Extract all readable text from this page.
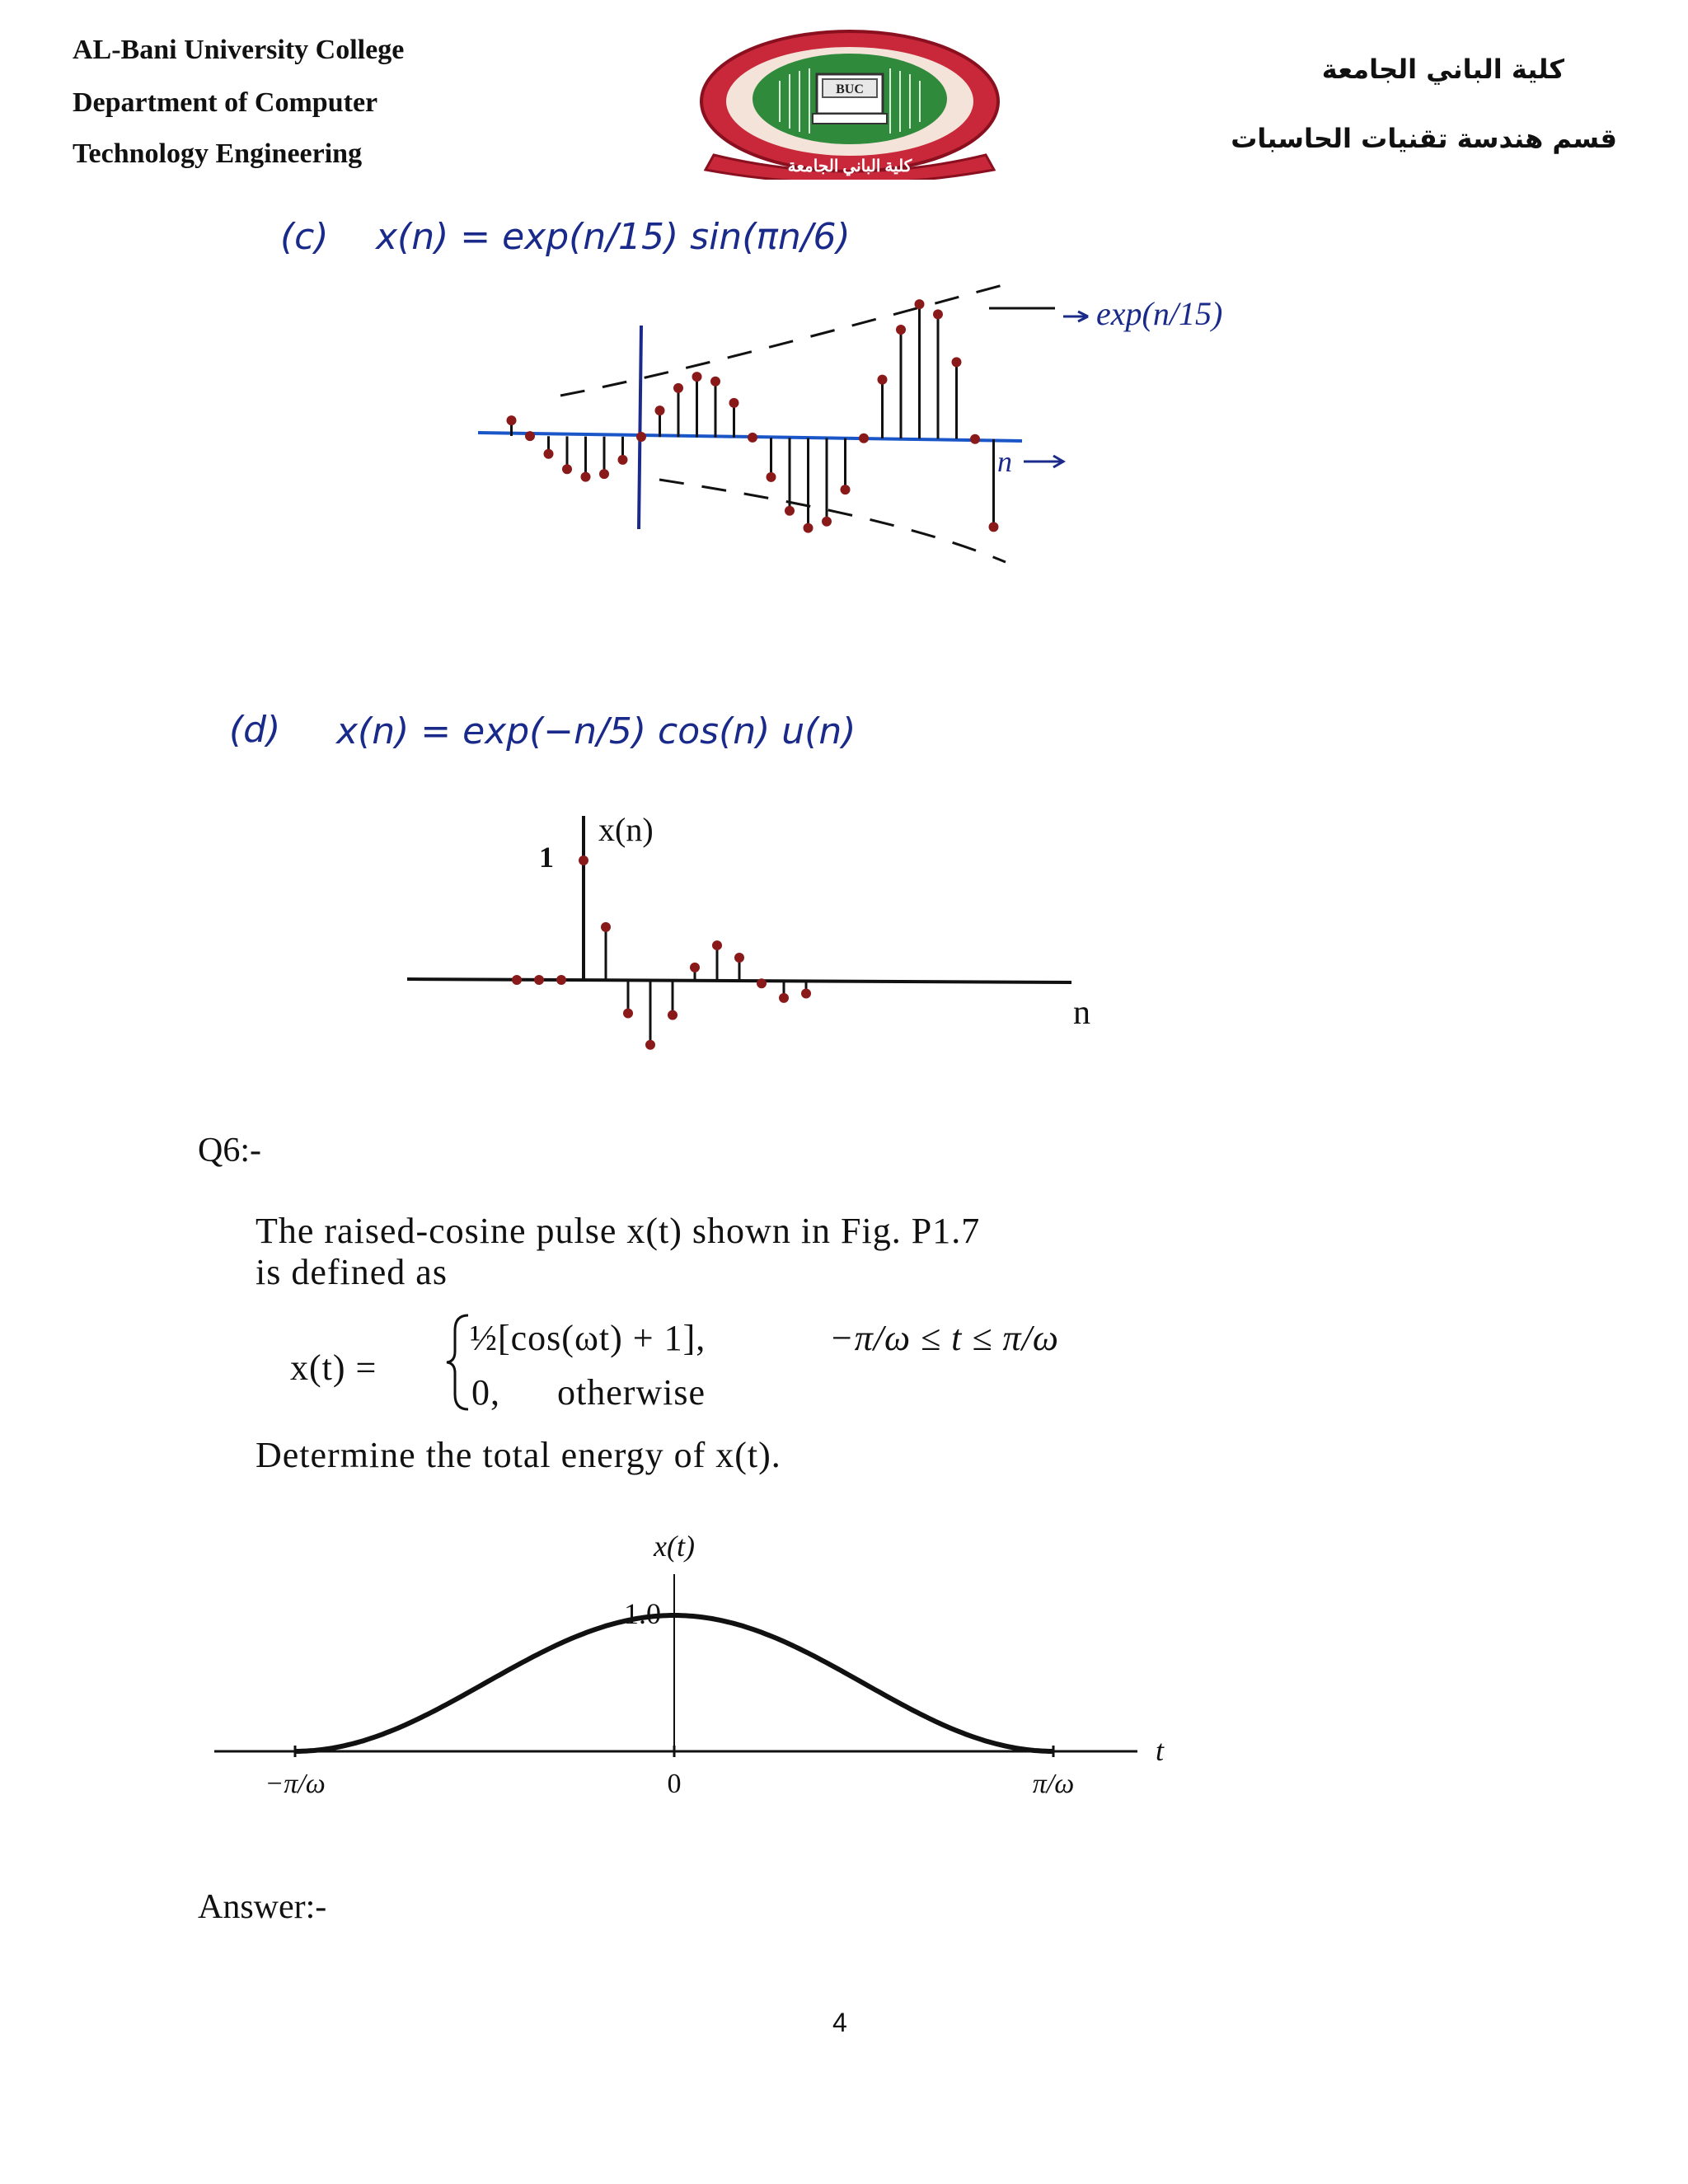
AL-Bani University College
Department of Computer
Technology Engineering
كلية الباني الجامعة
قسم هندسة تقنيات الحاسبات
BUC
كلية الباني الجامعة
(c) x(n) = exp(n/15) sin(πn/6)
exp(n/15)
n
(d) x(n) = exp(−n/5) cos(n) u(n)
x(n)
1
n
Q6:-
The raised-cosine pulse x(t) shown in Fig. P1.7
is defined as
x(t) =
½[cos(ωt) + 1],	−π/ω ≤ t ≤ π/ω
0, otherwise
Determine the total energy of x(t).
x(t)
1.0
t
−π/ω	0	π/ω
Answer:-
4
